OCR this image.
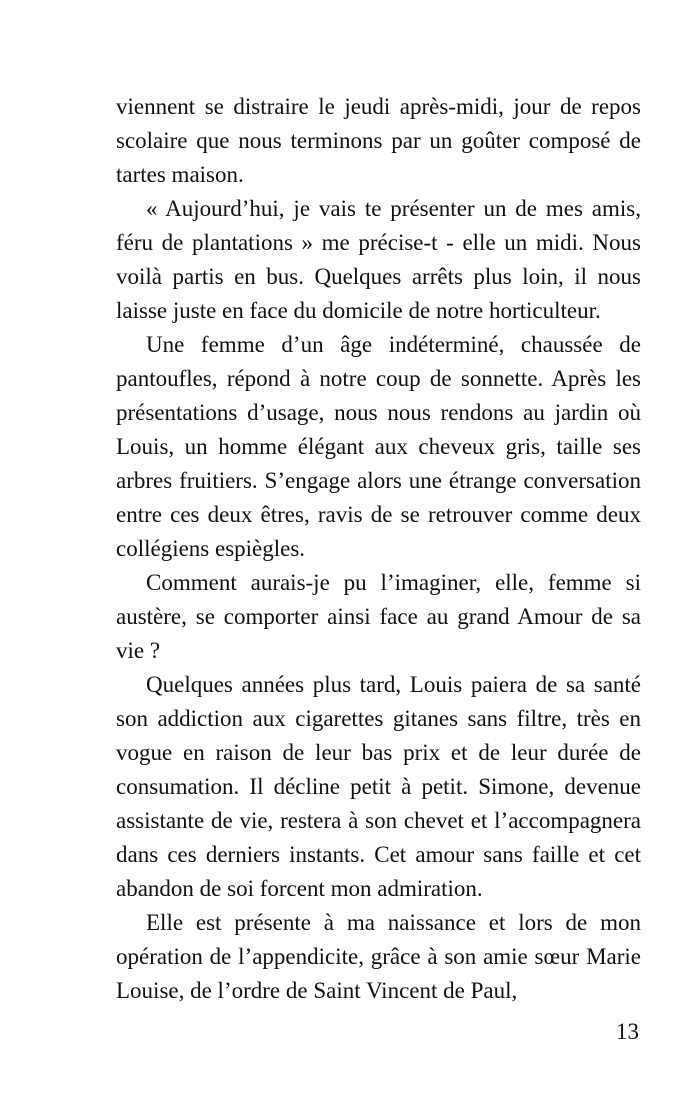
viennent se distraire le jeudi après-midi, jour de repos scolaire que nous terminons par un goûter composé de tartes maison.

« Aujourd’hui, je vais te présenter un de mes amis, féru de plantations » me précise-t - elle un midi. Nous voilà partis en bus. Quelques arrêts plus loin, il nous laisse juste en face du domicile de notre horticulteur.

Une femme d’un âge indéterminé, chaussée de pantoufles, répond à notre coup de sonnette. Après les présentations d’usage, nous nous rendons au jardin où Louis, un homme élégant aux cheveux gris, taille ses arbres fruitiers. S’engage alors une étrange conversation entre ces deux êtres, ravis de se retrouver comme deux collégiens espiègles.

Comment aurais-je pu l’imaginer, elle, femme si austère, se comporter ainsi face au grand Amour de sa vie ?

Quelques années plus tard, Louis paiera de sa santé son addiction aux cigarettes gitanes sans filtre, très en vogue en raison de leur bas prix et de leur durée de consumation. Il décline petit à petit. Simone, devenue assistante de vie, restera à son chevet et l’accompagnera dans ces derniers instants. Cet amour sans faille et cet abandon de soi forcent mon admiration.

Elle est présente à ma naissance et lors de mon opération de l’appendicite, grâce à son amie sœur Marie Louise, de l’ordre de Saint Vincent de Paul,

13
